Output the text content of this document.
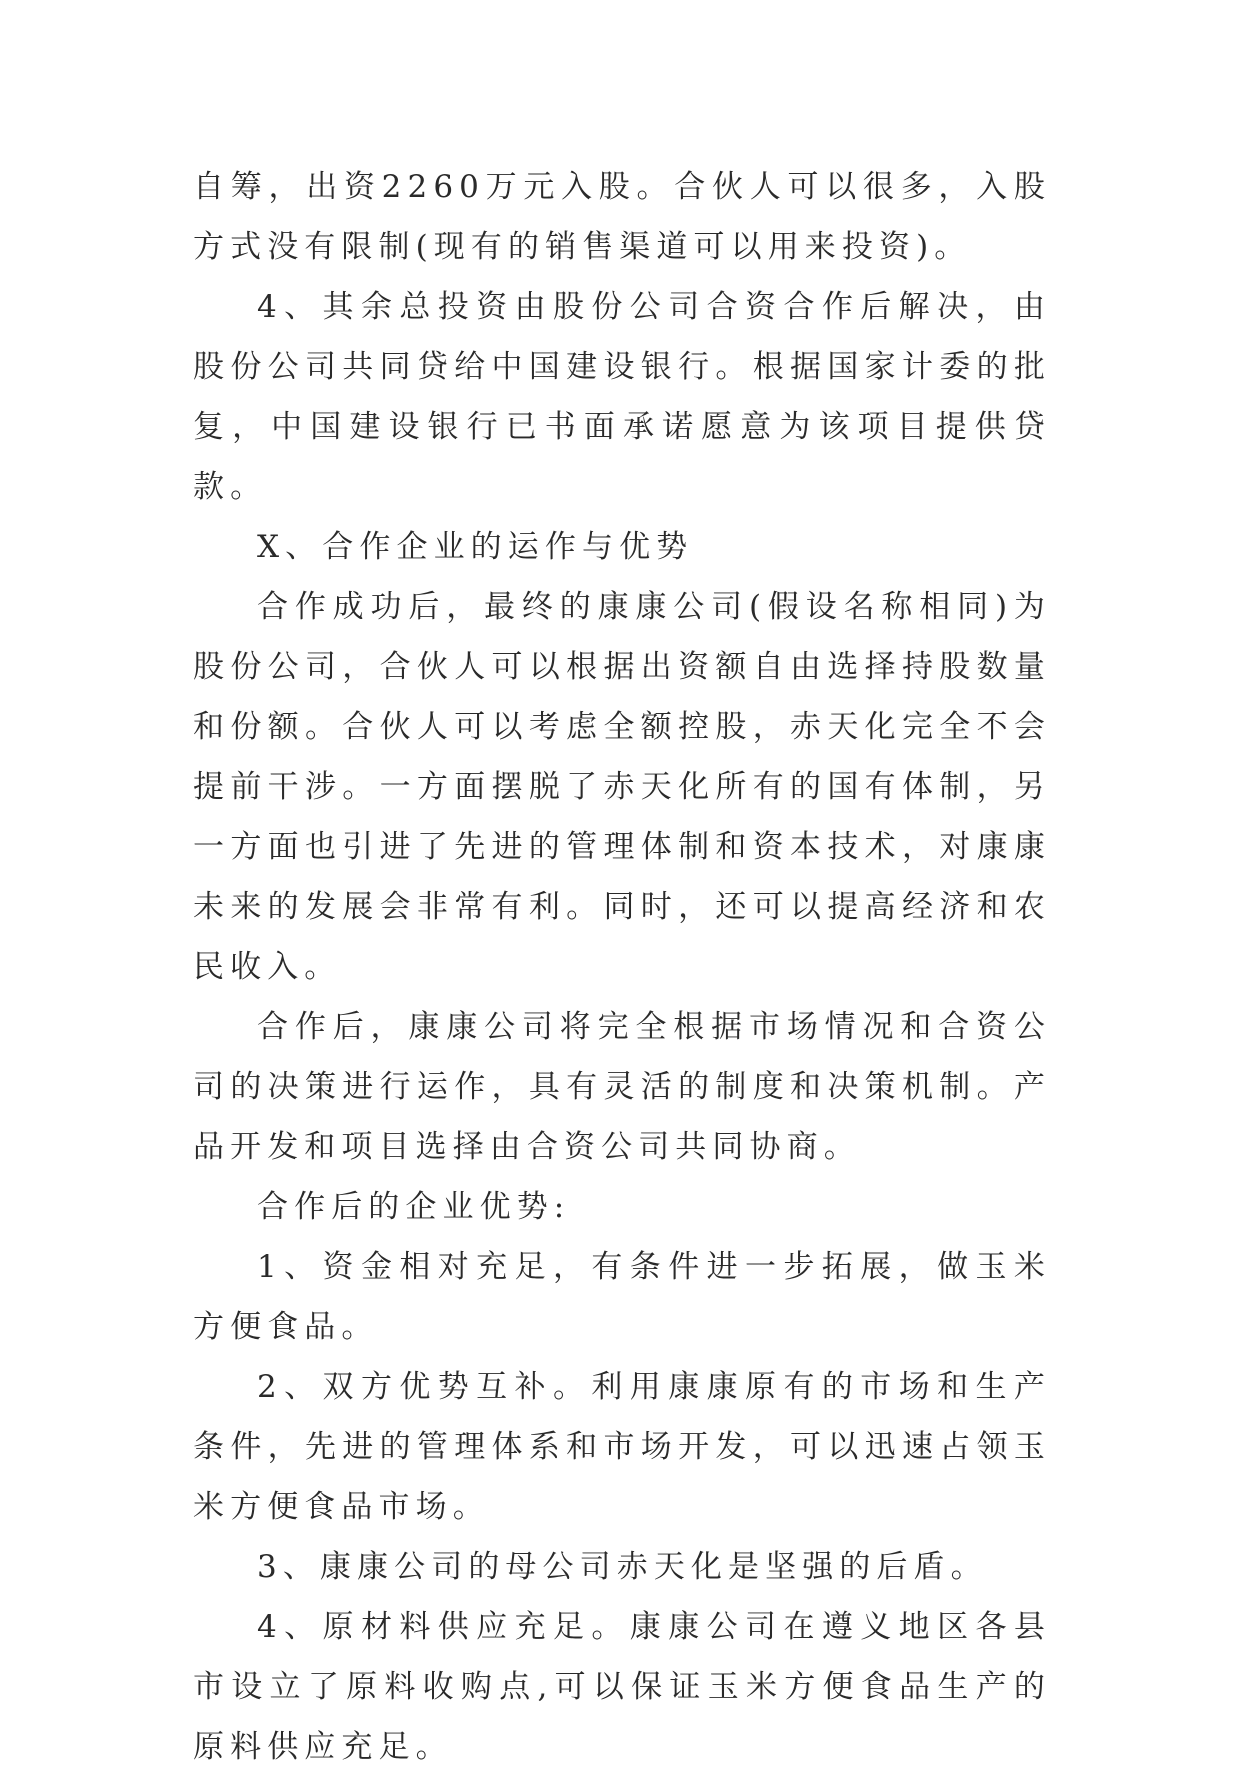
自筹，出资2260万元入股。合伙人可以很多，入股方式没有限制(现有的销售渠道可以用来投资)。

4、其余总投资由股份公司合资合作后解决，由股份公司共同贷给中国建设银行。根据国家计委的批复，中国建设银行已书面承诺愿意为该项目提供贷款。

X、合作企业的运作与优势

合作成功后，最终的康康公司(假设名称相同)为股份公司，合伙人可以根据出资额自由选择持股数量和份额。合伙人可以考虑全额控股，赤天化完全不会提前干涉。一方面摆脱了赤天化所有的国有体制，另一方面也引进了先进的管理体制和资本技术，对康康未来的发展会非常有利。同时，还可以提高经济和农民收入。

合作后，康康公司将完全根据市场情况和合资公司的决策进行运作，具有灵活的制度和决策机制。产品开发和项目选择由合资公司共同协商。

合作后的企业优势:

1、资金相对充足，有条件进一步拓展，做玉米方便食品。

2、双方优势互补。利用康康原有的市场和生产条件，先进的管理体系和市场开发，可以迅速占领玉米方便食品市场。

3、康康公司的母公司赤天化是坚强的后盾。

4、原材料供应充足。康康公司在遵义地区各县市设立了原料收购点,可以保证玉米方便食品生产的原料供应充足。
